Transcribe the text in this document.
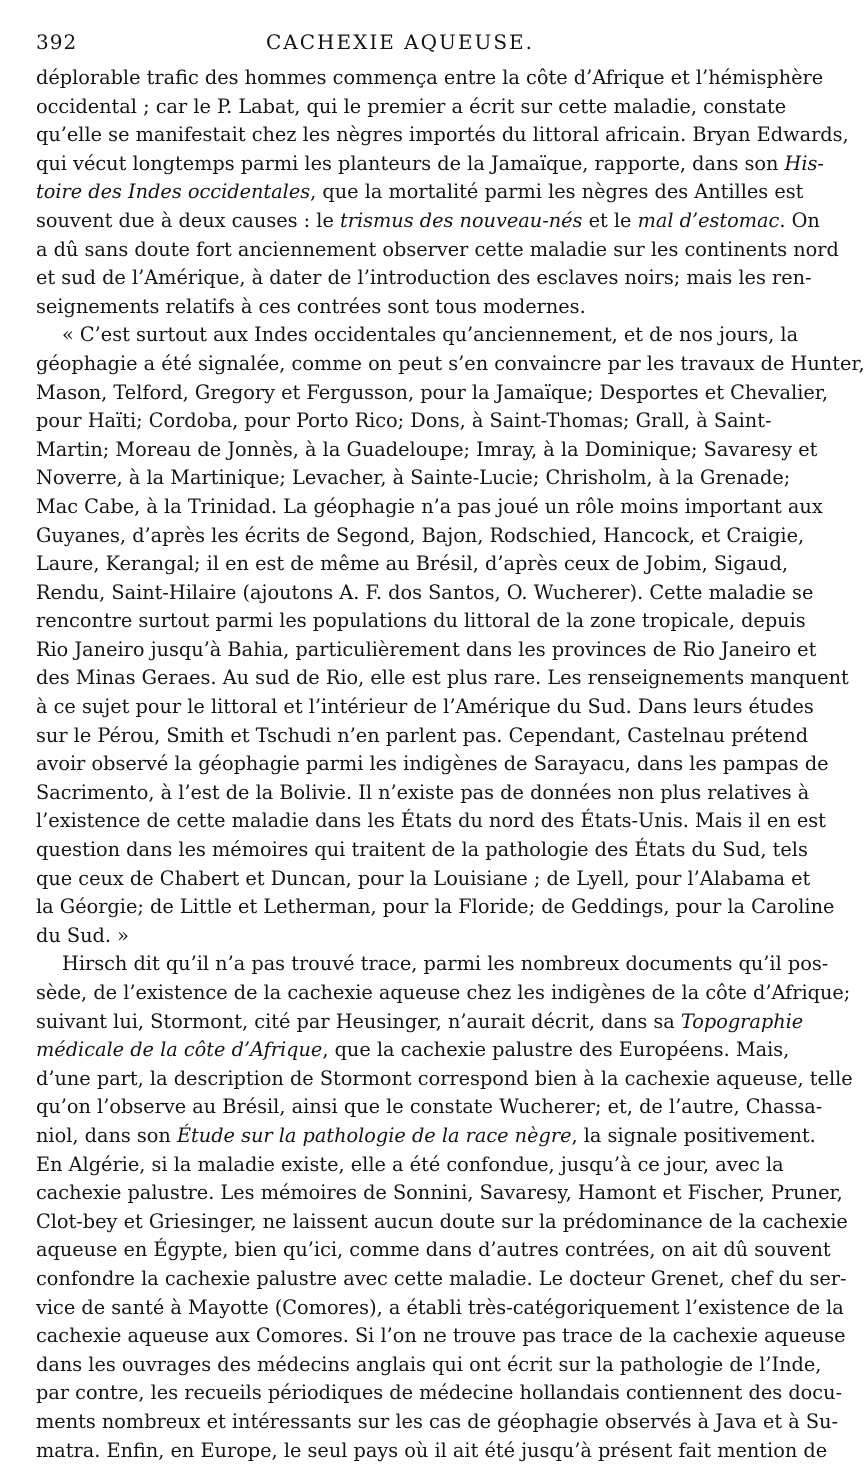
392	CACHEXIE AQUEUSE.
déplorable trafic des hommes commença entre la côte d’Afrique et l’hémisphère
occidental ; car le P. Labat, qui le premier a écrit sur cette maladie, constate
qu’elle se manifestait chez les nègres importés du littoral africain. Bryan Edwards,
qui vécut longtemps parmi les planteurs de la Jamaïque, rapporte, dans son His-
toire des Indes occidentales, que la mortalité parmi les nègres des Antilles est
souvent due à deux causes : le trismus des nouveau-nés et le mal d’estomac. On
a dû sans doute fort anciennement observer cette maladie sur les continents nord
et sud de l’Amérique, à dater de l’introduction des esclaves noirs; mais les ren-
seignements relatifs à ces contrées sont tous modernes.
« C’est surtout aux Indes occidentales qu’anciennement, et de nos jours, la
géophagie a été signalée, comme on peut s’en convaincre par les travaux de Hunter,
Mason, Telford, Gregory et Fergusson, pour la Jamaïque; Desportes et Chevalier,
pour Haïti; Cordoba, pour Porto Rico; Dons, à Saint-Thomas; Grall, à Saint-
Martin; Moreau de Jonnès, à la Guadeloupe; Imray, à la Dominique; Savaresy et
Noverre, à la Martinique; Levacher, à Sainte-Lucie; Chrisholm, à la Grenade;
Mac Cabe, à la Trinidad. La géophagie n’a pas joué un rôle moins important aux
Guyanes, d’après les écrits de Segond, Bajon, Rodschied, Hancock, et Craigie,
Laure, Kerangal; il en est de même au Brésil, d’après ceux de Jobim, Sigaud,
Rendu, Saint-Hilaire (ajoutons A. F. dos Santos, O. Wucherer). Cette maladie se
rencontre surtout parmi les populations du littoral de la zone tropicale, depuis
Rio Janeiro jusqu’à Bahia, particulièrement dans les provinces de Rio Janeiro et
des Minas Geraes. Au sud de Rio, elle est plus rare. Les renseignements manquent
à ce sujet pour le littoral et l’intérieur de l’Amérique du Sud. Dans leurs études
sur le Pérou, Smith et Tschudi n’en parlent pas. Cependant, Castelnau prétend
avoir observé la géophagie parmi les indigènes de Sarayacu, dans les pampas de
Sacrimento, à l’est de la Bolivie. Il n’existe pas de données non plus relatives à
l’existence de cette maladie dans les États du nord des États-Unis. Mais il en est
question dans les mémoires qui traitent de la pathologie des États du Sud, tels
que ceux de Chabert et Duncan, pour la Louisiane ; de Lyell, pour l’Alabama et
la Géorgie; de Little et Letherman, pour la Floride; de Geddings, pour la Caroline
du Sud. »
Hirsch dit qu’il n’a pas trouvé trace, parmi les nombreux documents qu’il pos-
sède, de l’existence de la cachexie aqueuse chez les indigènes de la côte d’Afrique;
suivant lui, Stormont, cité par Heusinger, n’aurait décrit, dans sa Topographie
médicale de la côte d’Afrique, que la cachexie palustre des Européens. Mais,
d’une part, la description de Stormont correspond bien à la cachexie aqueuse, telle
qu’on l’observe au Brésil, ainsi que le constate Wucherer; et, de l’autre, Chassa-
niol, dans son Étude sur la pathologie de la race nègre, la signale positivement.
En Algérie, si la maladie existe, elle a été confondue, jusqu’à ce jour, avec la
cachexie palustre. Les mémoires de Sonnini, Savaresy, Hamont et Fischer, Pruner,
Clot-bey et Griesinger, ne laissent aucun doute sur la prédominance de la cachexie
aqueuse en Égypte, bien qu’ici, comme dans d’autres contrées, on ait dû souvent
confondre la cachexie palustre avec cette maladie. Le docteur Grenet, chef du ser-
vice de santé à Mayotte (Comores), a établi très-catégoriquement l’existence de la
cachexie aqueuse aux Comores. Si l’on ne trouve pas trace de la cachexie aqueuse
dans les ouvrages des médecins anglais qui ont écrit sur la pathologie de l’Inde,
par contre, les recueils périodiques de médecine hollandais contiennent des docu-
ments nombreux et intéressants sur les cas de géophagie observés à Java et à Su-
matra. Enfin, en Europe, le seul pays où il ait été jusqu’à présent fait mention de
